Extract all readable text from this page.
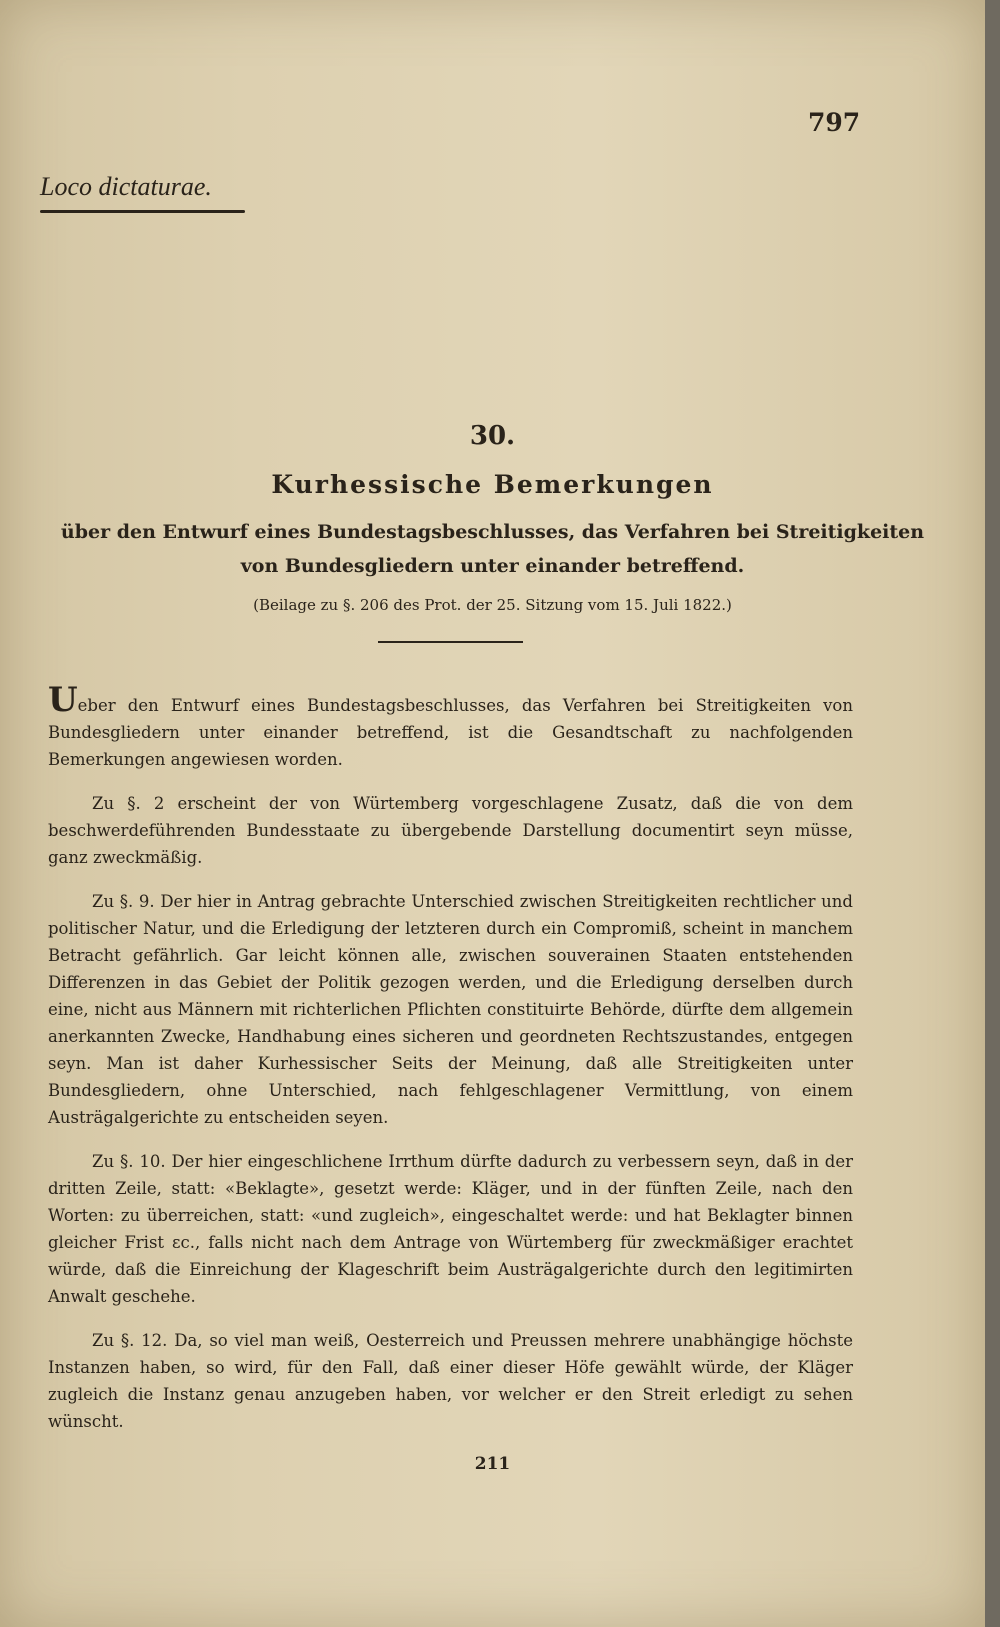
797
Loco dictaturae.
30.
Kurhessische Bemerkungen
über den Entwurf eines Bundestagsbeschlusses, das Verfahren bei Streitigkeiten von Bundesgliedern unter einander betreffend.
(Beilage zu §. 206 des Prot. der 25. Sitzung vom 15. Juli 1822.)

Ueber den Entwurf eines Bundestagsbeschlusses, das Verfahren bei Streitigkeiten von Bundesgliedern unter einander betreffend, ist die Gesandtschaft zu nachfolgenden Bemerkungen angewiesen worden.

Zu §. 2 erscheint der von Würtemberg vorgeschlagene Zusatz, daß die von dem beschwerdeführenden Bundesstaate zu übergebende Darstellung documentirt seyn müsse, ganz zweckmäßig.

Zu §. 9. Der hier in Antrag gebrachte Unterschied zwischen Streitigkeiten rechtlicher und politischer Natur, und die Erledigung der letzteren durch ein Compromiß, scheint in manchem Betracht gefährlich. Gar leicht können alle, zwischen souverainen Staaten entstehenden Differenzen in das Gebiet der Politik gezogen werden, und die Erledigung derselben durch eine, nicht aus Männern mit richterlichen Pflichten constituirte Behörde, dürfte dem allgemein anerkannten Zwecke, Handhabung eines sicheren und geordneten Rechtszustandes, entgegen seyn. Man ist daher Kurhessischer Seits der Meinung, daß alle Streitigkeiten unter Bundesgliedern, ohne Unterschied, nach fehlgeschlagener Vermittlung, von einem Austrägalgerichte zu entscheiden seyen.

Zu §. 10. Der hier eingeschlichene Irrthum dürfte dadurch zu verbessern seyn, daß in der dritten Zeile, statt: «Beklagte», gesetzt werde: Kläger, und in der fünften Zeile, nach den Worten: zu überreichen, statt: «und zugleich», eingeschaltet werde: und hat Beklagter binnen gleicher Frist ɛc., falls nicht nach dem Antrage von Würtemberg für zweckmäßiger erachtet würde, daß die Einreichung der Klageschrift beim Austrägalgerichte durch den legitimirten Anwalt geschehe.

Zu §. 12. Da, so viel man weiß, Oesterreich und Preussen mehrere unabhängige höchste Instanzen haben, so wird, für den Fall, daß einer dieser Höfe gewählt würde, der Kläger zugleich die Instanz genau anzugeben haben, vor welcher er den Streit erledigt zu sehen wünscht.

211
